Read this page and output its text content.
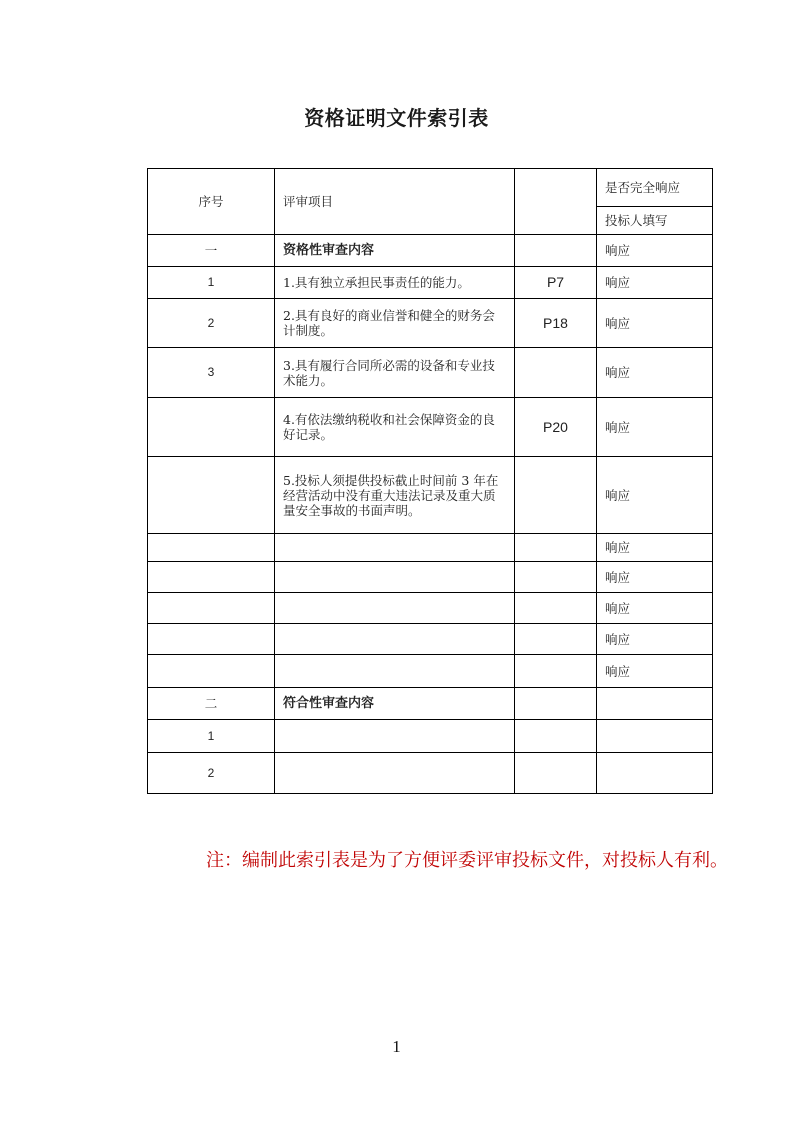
资格证明文件索引表
序号	评审项目		是否完全响应
			投标人填写
一	资格性审查内容		响应
1	1.具有独立承担民事责任的能力。	P7	响应
2	2.具有良好的商业信誉和健全的财务会计制度。	P18	响应
3	3.具有履行合同所必需的设备和专业技术能力。		响应
	4.有依法缴纳税收和社会保障资金的良好记录。	P20	响应
	5.投标人须提供投标截止时间前 3 年在经营活动中没有重大违法记录及重大质量安全事故的书面声明。		响应
			响应
			响应
			响应
			响应
			响应
二	符合性审查内容		
1			
2			
注：编制此索引表是为了方便评委评审投标文件，对投标人有利。
1
